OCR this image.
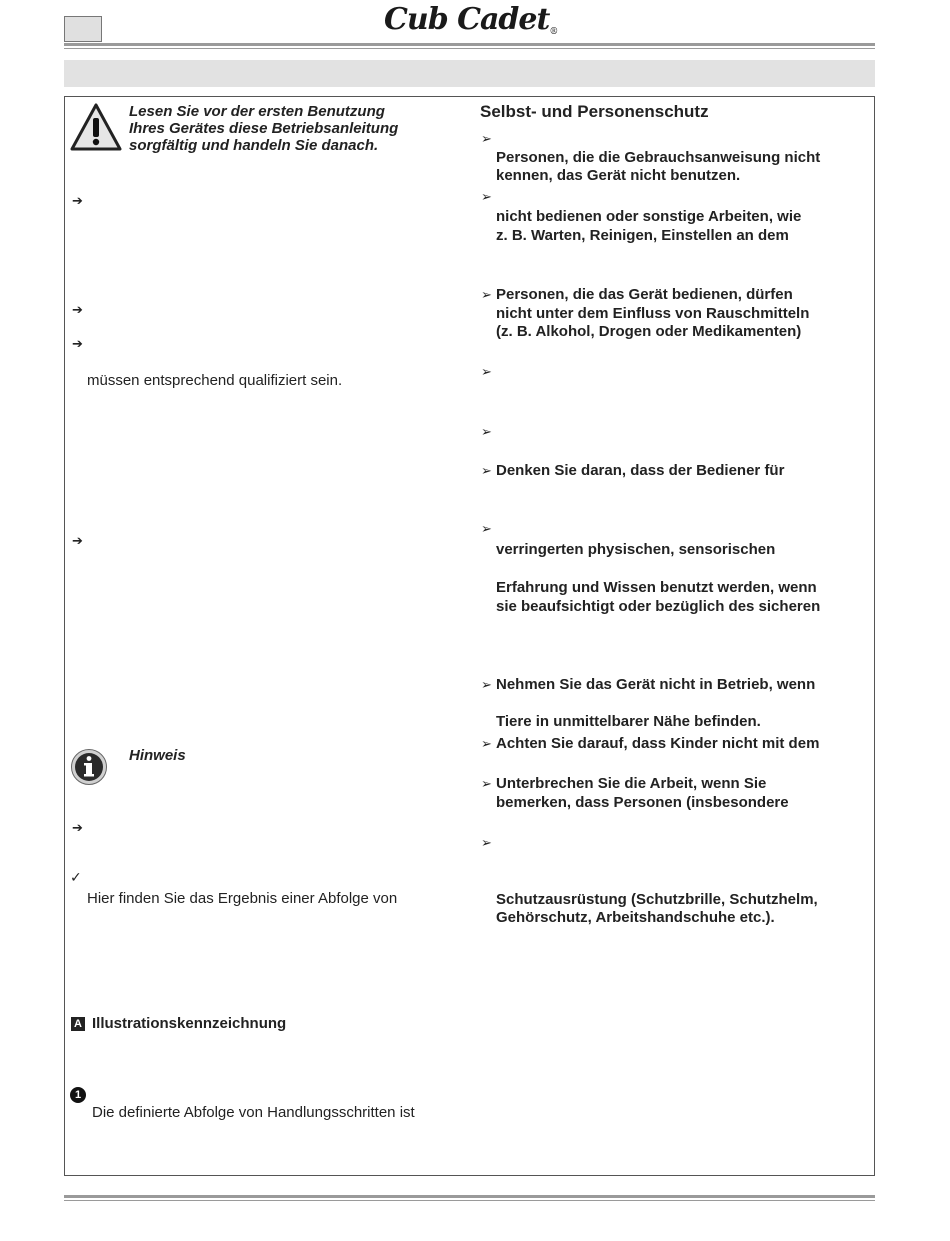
Cub Cadet®
Lesen Sie vor der ersten Benutzung
Ihres Gerätes diese Betriebsanleitung
sorgfältig und handeln Sie danach.
➔
➔
➔
müssen entsprechend qualifiziert sein.
➔
Hinweis
➔
✓
Hier finden Sie das Ergebnis einer Abfolge von
A Illustrationskennzeichnung
1
Die definierte Abfolge von Handlungsschritten ist
Selbst- und Personenschutz
➢
Personen, die die Gebrauchsanweisung nicht
kennen, das Gerät nicht benutzen.
➢
nicht bedienen oder sonstige Arbeiten, wie
z. B. Warten, Reinigen, Einstellen an dem
➢ Personen, die das Gerät bedienen, dürfen
nicht unter dem Einfluss von Rauschmitteln
(z. B. Alkohol, Drogen oder Medikamenten)
➢
➢
➢ Denken Sie daran, dass der Bediener für
➢
verringerten physischen, sensorischen
Erfahrung und Wissen benutzt werden, wenn
sie beaufsichtigt oder bezüglich des sicheren
➢ Nehmen Sie das Gerät nicht in Betrieb, wenn
Tiere in unmittelbarer Nähe befinden.
➢ Achten Sie darauf, dass Kinder nicht mit dem
➢ Unterbrechen Sie die Arbeit, wenn Sie
bemerken, dass Personen (insbesondere
➢
Schutzausrüstung (Schutzbrille, Schutzhelm,
Gehörschutz, Arbeitshandschuhe etc.).
